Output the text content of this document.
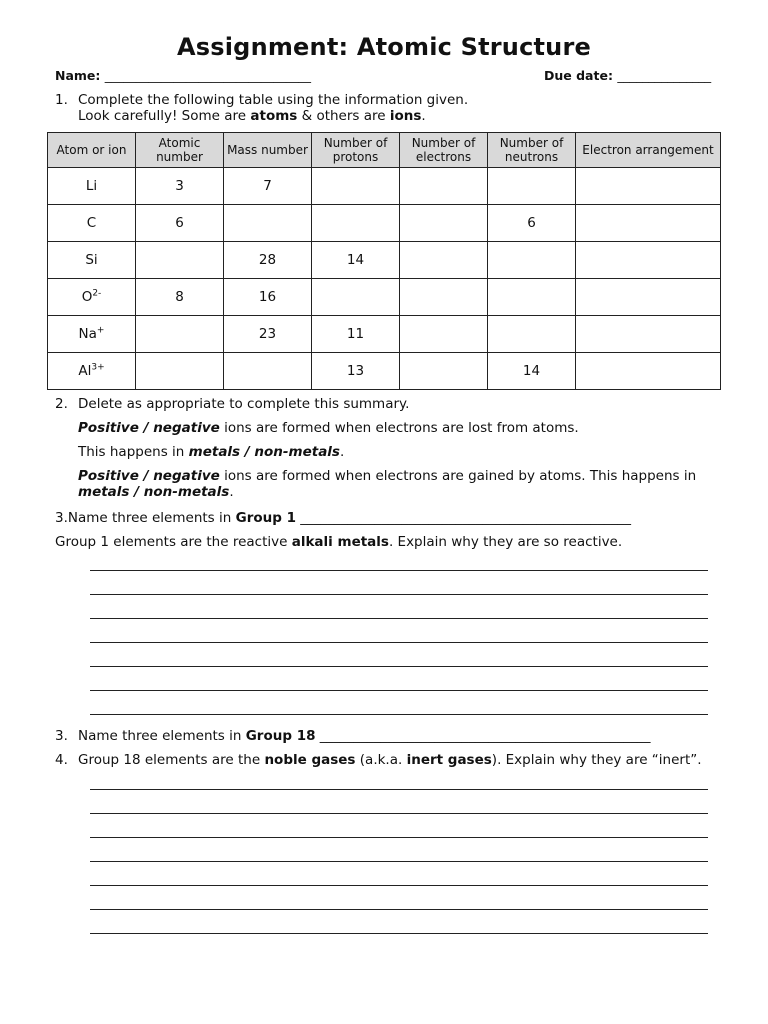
Assignment: Atomic Structure
Name: _________________________________	Due date: _______________
1. Complete the following table using the information given.
Look carefully! Some are atoms & others are ions.
Atom or ion	Atomic number	Mass number	Number of protons	Number of electrons	Number of neutrons	Electron arrangement
Li	3	7				
C	6				6	
Si		28	14			
$O^{2-}$	8	16				
Na+		23	11			
$Al^{3+}$			13		14	

2. Delete as appropriate to complete this summary.

Positive / negative ions are formed when electrons are lost from atoms.

This happens in metals / non-metals.

Positive / negative ions are formed when electrons are gained by atoms. This happens in metals / non-metals.

3.Name three elements in Group 1 _________________________________________________
Group 1 elements are the reactive alkali metals. Explain why they are so reactive.
3. Name three elements in Group 18 _________________________________________________
4. Group 18 elements are the noble gases (a.k.a. inert gases). Explain why they are “inert”.
